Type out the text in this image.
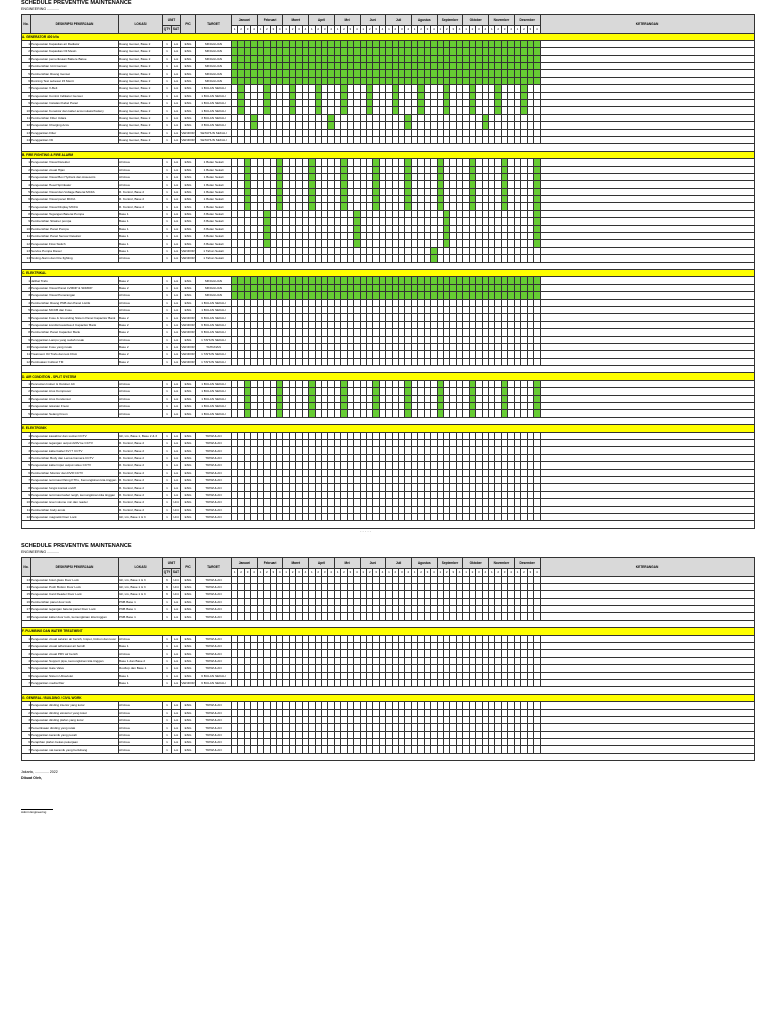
SCHEDULE PREVENTIVE MAINTENANCE
ENGINEERING ............
No.	DESKRIPSI PEKERJAAN	LOKASI	UNIT		PIC	TARGET	Januari				Februari				Maret				April				Mei				Juni				Juli				Agustus				September				Oktober				November				Desember				KETERANGAN
			QTY	SAT																																																			
							1	2	3	4	1	2	3	4	1	2	3	4	1	2	3	4	1	2	3	4	1	2	3	4	1	2	3	4	1	2	3	4	1	2	3	4	1	2	3	4	1	2	3	4	1	2	3	4	
A. GENERATOR 400 kVa																																																							
1	Pengecekan Kapasitas air Radiator	Ruang Genset, Base 2	1	Lot	ENG	MINGGUAN																																																	
2	Pengecekan Kapasitas Oli Mesin	Ruang Genset, Base 2	1	Lot	ENG	MINGGUAN																																																	
3	Pengecekan pemeriksaan Battere Batue	Ruang Genset, Base 2	1	Lot	ENG	MINGGUAN																																																	
4	Pembersihan Unit Genset	Ruang Genset, Base 2	1	Lot	ENG	MINGGUAN																																																	
5	Pembersihan Ruang Genset	Ruang Genset, Base 2	1	Lot	ENG	MINGGUAN																																																	
6	Running Test sebesar 15 Menit	Ruang Genset, Base 2	1	Lot	ENG	MINGGUAN																																																	
7	Pengecekan V-Belt	Ruang Genset, Base 2	1	Lot	ENG	1 BULAN SEKALI																																																	
8	Pengecekan Control Indikator Genset	Ruang Genset, Base 2	1	Lot	ENG	1 BULAN SEKALI																																																	
9	Pengecekan Instalasi Kabel Panel	Ruang Genset, Base 2	1	Lot	ENG	1 BULAN SEKALI																																																	
10	Pengecekan Konektor dan kabel accumulator/battery	Ruang Genset, Base 2	1	Lot	ENG	1 BULAN SEKALI																																																	
11	Pembersihan Filter Udara	Ruang Genset, Base 2	1	Lot	ENG	3 BULAN SEKALI																																																	
12	Pengecekan Charging Accu	Ruang Genset, Base 2	1	Lot	ENG	3 BULAN SEKALI																																																	
13	Penggantian Filter	Ruang Genset, Base 2	1	Lot	VENDOR	SETAHUN SEKALI																																																	
14	Penggantian Oli	Ruang Genset, Base 2	1	Lot	VENDOR	SETAHUN SEKALI																																																	

B. FIRE FIGHTING & FIRE ALARM																																																							
1	Pengecekan Visual Detektor	All Area	1	Lot	ENG	1 Bulan Sekali																																																	
2	Pengecekan visual Hijan	All Area	1	Lot	ENG	1 Bulan Sekali																																																	
3	Pengecekan Visual Box Hydrant dan Assesoris	All Area	1	Lot	ENG	1 Bulan Sekali																																																	
4	Pengecekan Head Sprinkaler	All Area	1	Lot	ENG	1 Bulan Sekali																																																	
5	Pengecekan Visual dan Voltage Baterai MCFA	R. Kontrol, Base 2	1	Lot	ENG	1 Bulan Sekali																																																	
6	Pengecekan Visual panel MCFA	R. Kontrol, Base 2	1	Lot	ENG	1 Bulan Sekali																																																	
7	Pengecekan Visual Display MCFA	R. Kontrol, Base 2	1	Lot	ENG	1 Bulan Sekali																																																	
8	Pengecekan Tegangan Baterai Pompa	Base 1	1	Lot	ENG	3 Bulan Sekali																																																	
9	Pembersihan Strainer pompa	Base 1	1	Lot	ENG	3 Bulan Sekali																																																	
10	Pembersihan Panel Pompa	Base 1	1	Lot	ENG	3 Bulan Sekali																																																	
11	Pembersihan Panel Sensor Detektor	Base 1	1	Lot	ENG	3 Bulan Sekali																																																	
12	Pengecekan Flow Switch	Base 1	1	Lot	ENG	3 Bulan Sekali																																																	
13	Service Pompa Diesel	Base 1	1	Lot	VENDOR	1 Tahun Sekali																																																	
14	Testing Alarm dan Fire fighting	All Area	1	Lot	VENDOR	1 Tahun Sekali																																																	

C. ELEKTRIKAL																																																							
1	Jalibat Trafo	Base 2	1	Lot	ENG	MINGGUAN																																																	
2	Pengecekan Visual Panel LVMDP & SDMDP	Base 2	1	Lot	ENG	MINGGUAN																																																	
3	Pengecekan Visual Penerangan	All Area	1	Lot	ENG	MINGGUAN																																																	
4	Pembersihan Ruang PNB dan Panel Listrik	All Area	1	Lot	ENG	1 BULAN SEKALI																																																	
5	Pengecekan MCCB dan Fuse	All Area	1	Lot	ENG	1 BULAN SEKALI																																																	
6	Pengecekan Fuse & Grounding Sistem Panel Capacitor Bank	Base 2	1	Lot	VENDOR	6 BULAN SEKALI																																																	
7	Pengecekan kondisi kaustiwa d Capacitor Bank	Base 2	1	Lot	VENDOR	6 BULAN SEKALI																																																	
8	Pembersihan Panel Capacitor Bank	Base 2	1	Lot	VENDOR	6 BULAN SEKALI																																																	
9	Penggantian Lampu yang sudah rusak	All Area	1	Lot	ENG	1 TAHUN SEKALI																																																	
10	Pengecekan Fuse yang rusak	Base 2	1	Lot	VENDOR	TAHUNAN																																																	
11	Treatment Oil Trafo dan test DGA	Base 2	1	Lot	VENDOR	1 TAHUN SEKALI																																																	
12	Pembuatan Cubicel TM	Base 2	1	Lot	VENDOR	1 TAHUN SEKALI																																																	

D. AIR CONDITION - SPLIT SYSTEM																																																							
1	Pencucian Indoor & Outdoor AC	All Area	1	Lot	ENG	1 BULAN SEKALI																																																	
2	Pengecekan Arus Kompresor	All Area	1	Lot	ENG	1 BULAN SEKALI																																																	
3	Pengecekan Arus Kondensor	All Area	1	Lot	ENG	1 BULAN SEKALI																																																	
4	Pengecekan tekanan Freon	All Area	1	Lot	ENG	1 BULAN SEKALI																																																	
5	Pengecekan Selang Freon	All Area	1	Lot	ENG	1 BULAN SEKALI																																																	

E. ELEKTRONIK																																																							
1	Pengecekan kawahtor dan socket CCTV	GF, LG, Base 1, Base 2 & 3	1	Lot	ENG	TRIWULAN																																																	
2	Pengecekan tegangan output 220V ke CCTV	R. Kontrol, Base 2	1	Lot	ENG	TRIWULAN																																																	
3	Pengecekan kabel kabel KVI ? CCTV	R. Kontrol, Base 2	1	Lot	ENG	TRIWULAN																																																	
4	Pembersihan Body dan Lensa Camera CCTV	R. Kontrol, Base 2	1	Lot	ENG	TRIWULAN																																																	
5	Pengecekan kabel input output video CCTV	R. Kontrol, Base 2	1	Lot	ENG	TRIWULAN																																																	
6	Pembersihan Monitor dan DVR CCTV	R. Kontrol, Base 2	1	Lot	ENG	TRIWULAN																																																	
7	Pengecekan terminasi Patng KTKs, Kemungkinan kita tinggan	R. Kontrol, Base 2	1	Lot	ENG	TRIWULAN																																																	
8	Pengecekan fungsi kontak on/off	R. Kontrol, Base 2	1	Lot	ENG	TRIWULAN																																																	
9	Pengecekan terminasi kabel neigh, kemungkinan kita tinggan	R. Kontrol, Base 2	1	Lot	ENG	TRIWULAN																																																	
10	Pengecekan level volume mic dan reader	R. Kontrol, Base 2	1	Unit	ENG	TRIWULAN																																																	
11	Pembersihan body amuk	R. Kontrol, Base 2	1	Unit	ENG	TRIWULAN																																																	
12	Pengecekan magnetik Door Lock	GF, LG, Base 1 & 3	1	Unit	ENG	TRIWULAN																																																	

- - - - -
SCHEDULE PREVENTIVE MAINTENANCE
ENGINEERING ............
No.	DESKRIPSI PEKERJAAN	LOKASI	UNIT		PIC	TARGET	Januari				Februari				Maret				April				Mei				Juni				Juli				Agustus				September				Oktober				November				Desember				KETERANGAN
			QTY	SAT																																																			
							1	2	3	4	1	2	3	4	1	2	3	4	1	2	3	4	1	2	3	4	1	2	3	4	1	2	3	4	1	2	3	4	1	2	3	4	1	2	3	4	1	2	3	4	1	2	3	4	
13	Pengecekan botol glass Door Lock	GF, LG, Base 1 & 3	6	Unit	ENG	TRIWULAN																																																	
14	Pengecekan Push Button Door Lock	GF, LG, Base 1 & 3	6	Unit	ENG	TRIWULAN																																																	
15	Pengecekan Card Reader Door Lock	GF, LG, Base 1 & 3	6	Unit	ENG	TRIWULAN																																																	
16	Pembersihan panel door lock	PNB Base 1	1	Lot	ENG	TRIWULAN																																																	
17	Pengecekan tegangan baterai panel Door Lock	PNB Base 1	1	Lot	ENG	TRIWULAN																																																	
18	Pengecekan kabel door lock, kemungkinan kita tinggan	PNB Base 1	1	Lot	ENG	TRIWULAN																																																	

F. PLUMBING DAN WATER TREATMENT																																																							
1	Pengecekan visual saluran air bersih, Inspet, limbun dan tover	All Area	1	Lot	ENG	TRIWULAN																																																	
2	Pengecekan visual teflonisasi air bersih	Base 1	1	Lot	ENG	TRIWULAN																																																	
3	Pengecekan visual PRV air bersih	All Area	1	Lot	ENG	TRIWULAN																																																	
4	Pengecekan Support pipa, kemungkinan kita tinggan	Base 1 dan Base 2	1	Lot	ENG	TRIWULAN																																																	
5	Pengecekan Gate Valve	Rooftop dan Base 1	1	Lot	ENG	TRIWULAN																																																	
6	Pengecekan Sistem Ultraviolet	Base 1	1	Lot	ENG	6 BULAN SEKALI																																																	
7	Penggantian media filter	Base 1	1	Lot	VENDOR	6 BULAN SEKALI																																																	

G. GENERAL / BUILDING / CIVIL WORK																																																							
1	Pengecekan dinding interior yang kotor	All Area	1	Lot	ENG	TRIWULAN																																																	
2	Pengecekan dinding eksterior yang kotor	All Area	1	Lot	ENG	TRIWULAN																																																	
3	Pengecekan dinding plafon yang kotor	All Area	1	Lot	ENG	TRIWULAN																																																	
4	Pemeriksaan dinding yang retak	All Area	1	Lot	ENG	TRIWULAN																																																	
5	Penggantian keramik yang pecah	All Area	1	Lot	ENG	TRIWULAN																																																	
6	Perapihan plafon bekas pekerjaan	All Area	1	Lot	ENG	TRIWULAN																																																	
7	Pengecekan nat keramik yang berlubang	All Area	1	Lot	ENG	TRIWULAN																																																	

Jakarta, .............. 2022
Dibuat Oleh,
Admin Engineering
